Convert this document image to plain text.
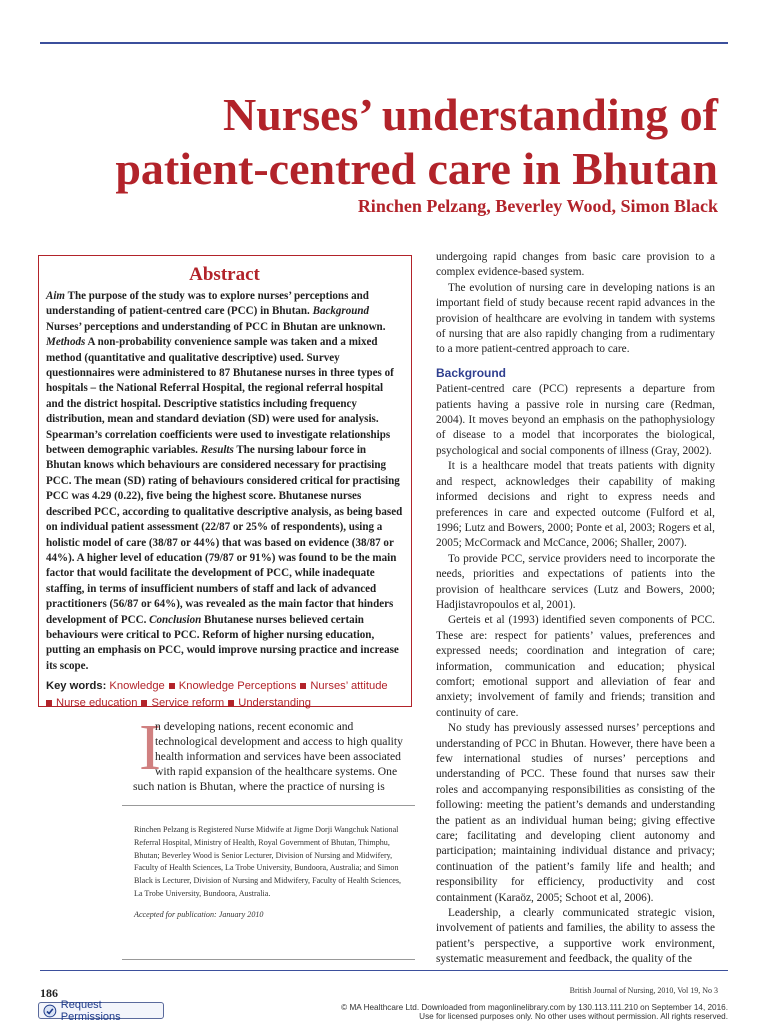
Nurses’ understanding of
patient-centred care in Bhutan
Rinchen Pelzang, Beverley Wood, Simon Black
Abstract
Aim The purpose of the study was to explore nurses’ perceptions and understanding of patient-centred care (PCC) in Bhutan. Background Nurses’ perceptions and understanding of PCC in Bhutan are unknown. Methods A non-probability convenience sample was taken and a mixed method (quantitative and qualitative descriptive) used. Survey questionnaires were administered to 87 Bhutanese nurses in three types of hospitals – the National Referral Hospital, the regional referral hospital and the district hospital. Descriptive statistics including frequency distribution, mean and standard deviation (SD) were used for analysis. Spearman’s correlation coefficients were used to investigate relationships between demographic variables. Results The nursing labour force in Bhutan knows which behaviours are considered necessary for practising PCC. The mean (SD) rating of behaviours considered critical for practising PCC was 4.29 (0.22), five being the highest score. Bhutanese nurses described PCC, according to qualitative descriptive analysis, as being based on individual patient assessment (22/87 or 25% of respondents), using a holistic model of care (38/87 or 44%) that was based on evidence (38/87 or 44%). A higher level of education (79/87 or 91%) was found to be the main factor that would facilitate the development of PCC, while inadequate staffing, in terms of insufficient numbers of staff and lack of advanced practitioners (56/87 or 64%), was revealed as the main factor that hinders development of PCC. Conclusion Bhutanese nurses believed certain behaviours were critical to PCC. Reform of higher nursing education, putting an emphasis on PCC, would improve nursing practice and increase its scope.
Key words: Knowledge Knowledge Perceptions Nurses’ attitude
Nurse education Service reform Understanding
I
n developing nations, recent economic and
technological development and access to high quality
health information and services have been associated
with rapid expansion of the healthcare systems. One
such nation is Bhutan, where the practice of nursing is
Rinchen Pelzang is Registered Nurse Midwife at Jigme Dorji Wangchuk National Referral Hospital, Ministry of Health, Royal Government of Bhutan, Thimphu, Bhutan; Beverley Wood is Senior Lecturer, Division of Nursing and Midwifery, Faculty of Health Sciences, La Trobe University, Bundoora, Australia; and Simon Black is Lecturer, Division of Nursing and Midwifery, Faculty of Health Sciences, La Trobe University, Bundoora, Australia.
Accepted for publication: January 2010

undergoing rapid changes from basic care provision to a complex evidence-based system.

The evolution of nursing care in developing nations is an important field of study because recent rapid advances in the provision of healthcare are evolving in tandem with systems of nursing that are also rapidly changing from a rudimentary to a more patient-centred approach to care.

Background

Patient-centred care (PCC) represents a departure from patients having a passive role in nursing care (Redman, 2004). It moves beyond an emphasis on the pathophysiology of disease to a model that incorporates the biological, psychological and social components of illness (Gray, 2002).

It is a healthcare model that treats patients with dignity and respect, acknowledges their capability of making informed decisions and right to express needs and preferences in care and expected outcome (Fulford et al, 1996; Lutz and Bowers, 2000; Ponte et al, 2003; Rogers et al, 2005; McCormack and McCance, 2006; Shaller, 2007).

To provide PCC, service providers need to incorporate the needs, priorities and expectations of patients into the provision of healthcare services (Lutz and Bowers, 2000; Hadjistavropoulos et al, 2001).

Gerteis et al (1993) identified seven components of PCC. These are: respect for patients’ values, preferences and expressed needs; coordination and integration of care; information, communication and education; physical comfort; emotional support and alleviation of fear and anxiety; involvement of family and friends; transition and continuity of care.

No study has previously assessed nurses’ perceptions and understanding of PCC in Bhutan. However, there have been a few international studies of nurses’ perceptions and understanding of PCC. These found that nurses saw their roles and accompanying responsibilities as consisting of the following: meeting the patient’s demands and understanding the patient as an individual human being; giving effective care; facilitating and developing client autonomy and participation; maintaining individual distance and privacy; continuation of the patient’s family life and health; and responsibility for efficiency, productivity and cost containment (Karaöz, 2005; Schoot et al, 2006).

Leadership, a clearly communicated strategic vision, involvement of patients and families, the ability to assess the patient’s perspective, a supportive work environment, systematic measurement and feedback, the quality of the

186	British Journal of Nursing, 2010, Vol 19, No 3
Request Permissions
© MA Healthcare Ltd. Downloaded from magonlinelibrary.com by 130.113.111.210 on September 14, 2016.
Use for licensed purposes only. No other uses without permission. All rights reserved.
